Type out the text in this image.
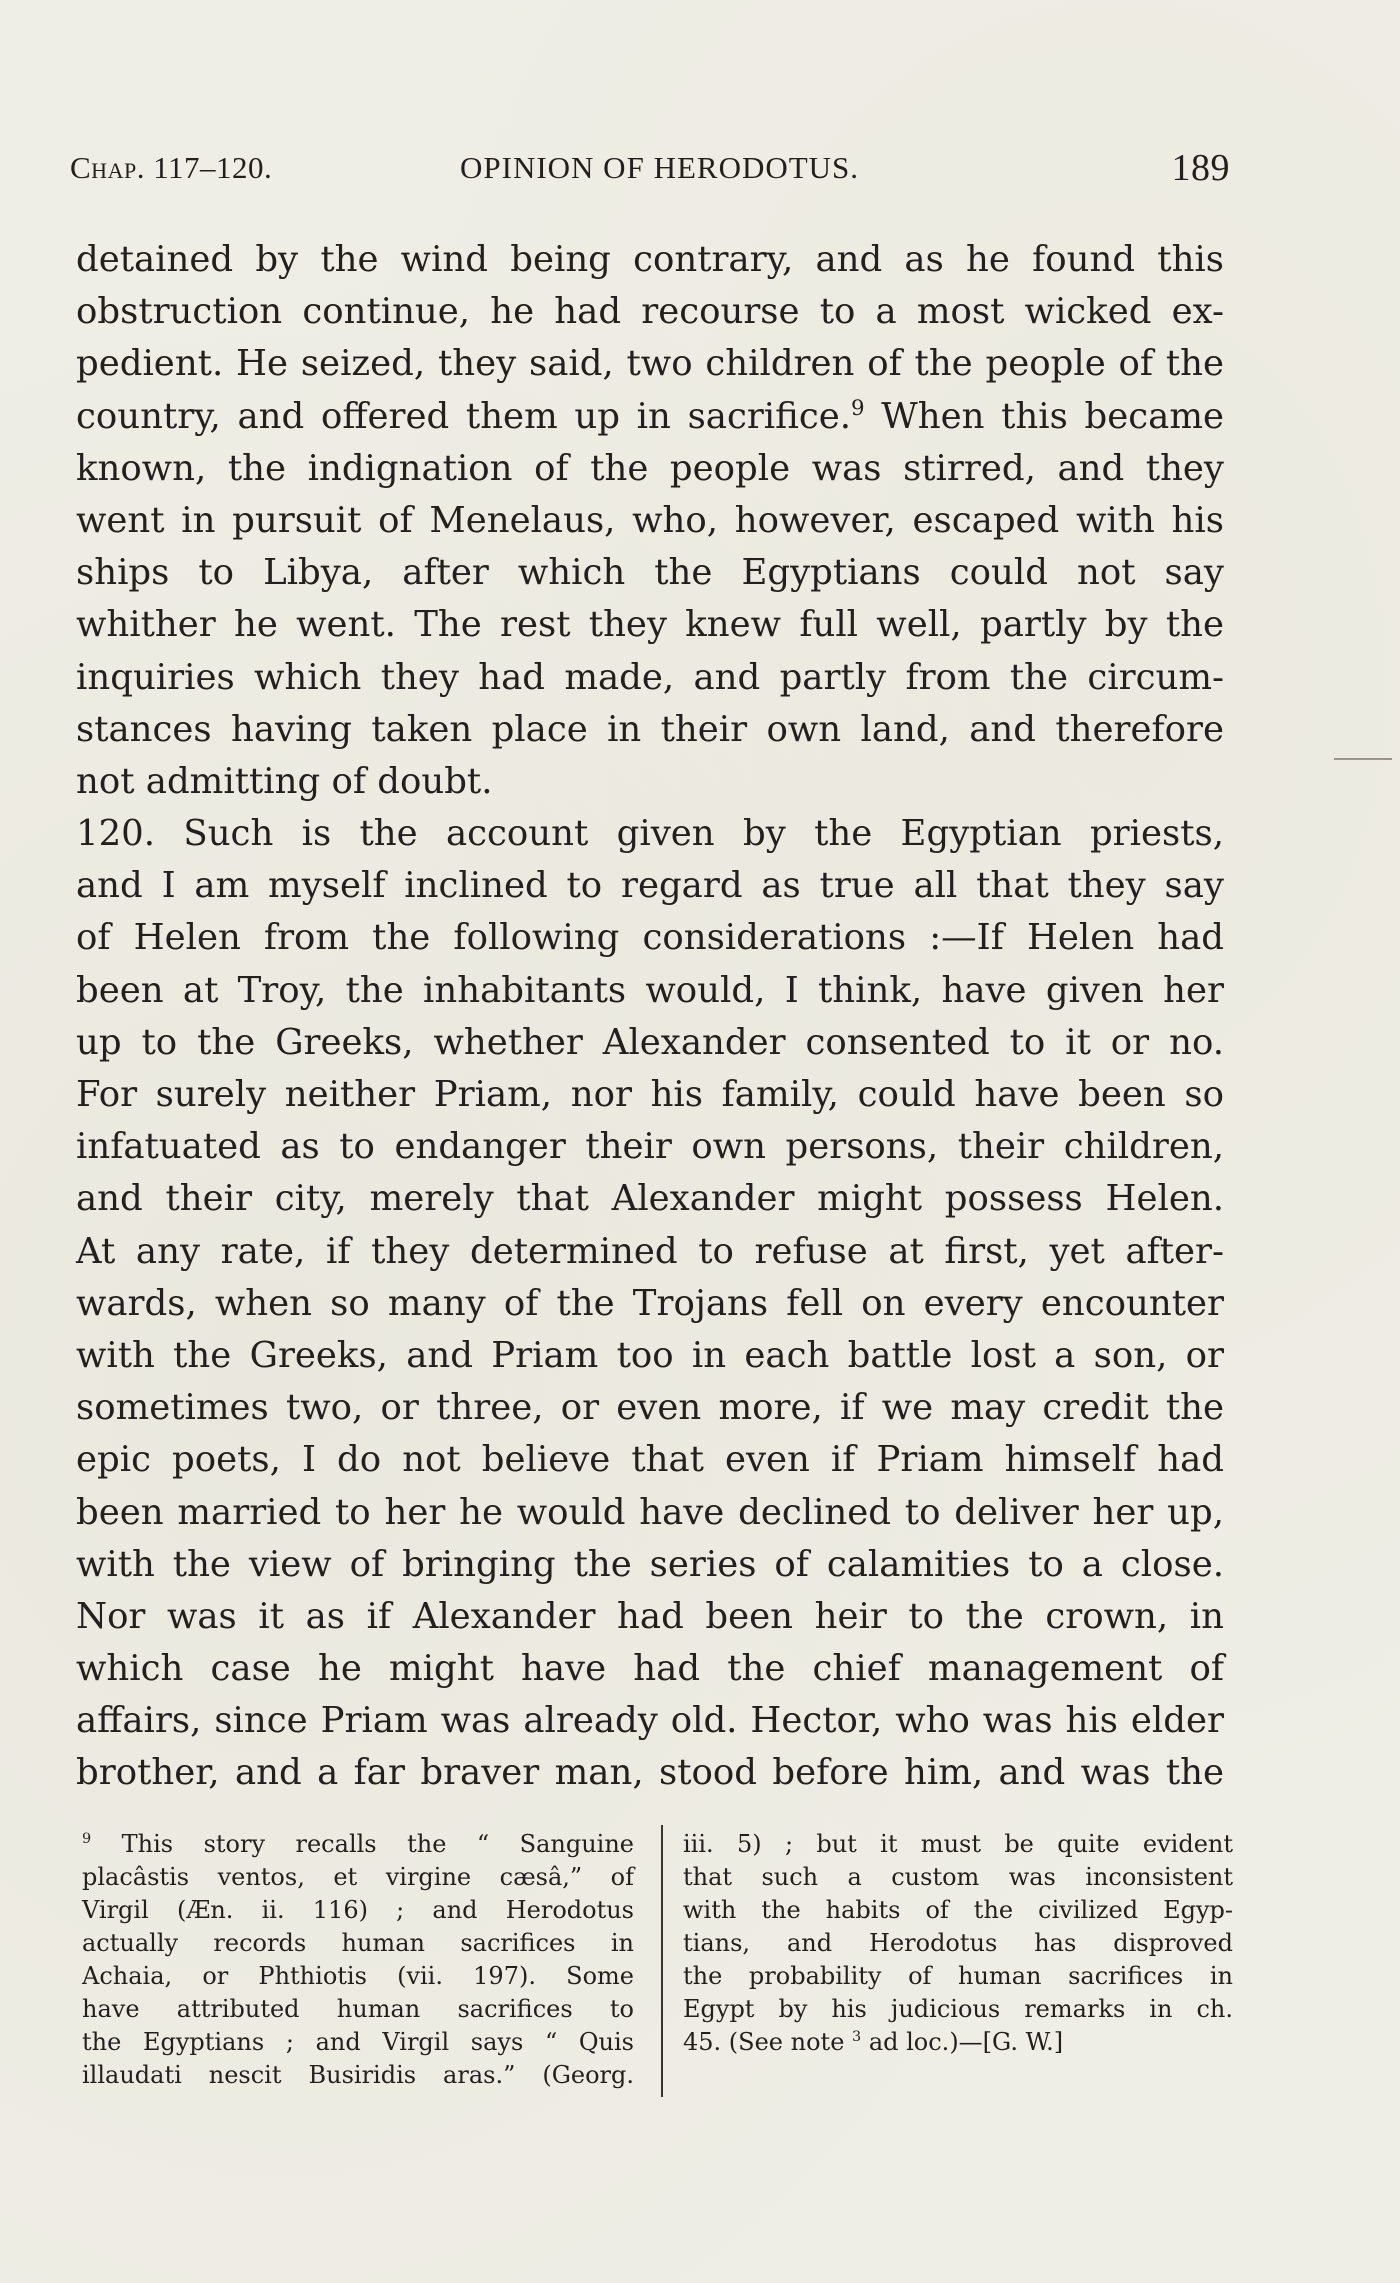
Chap. 117–120.	OPINION OF HERODOTUS.	189
detained by the wind being contrary, and as he found this
obstruction continue, he had recourse to a most wicked ex-
pedient. He seized, they said, two children of the people of the
country, and offered them up in sacrifice.$^9$ When this became
known, the indignation of the people was stirred, and they
went in pursuit of Menelaus, who, however, escaped with his
ships to Libya, after which the Egyptians could not say
whither he went. The rest they knew full well, partly by the
inquiries which they had made, and partly from the circum-
stances having taken place in their own land, and therefore
not admitting of doubt.
120. Such is the account given by the Egyptian priests,
and I am myself inclined to regard as true all that they say
of Helen from the following considerations :—If Helen had
been at Troy, the inhabitants would, I think, have given her
up to the Greeks, whether Alexander consented to it or no.
For surely neither Priam, nor his family, could have been so
infatuated as to endanger their own persons, their children,
and their city, merely that Alexander might possess Helen.
At any rate, if they determined to refuse at first, yet after-
wards, when so many of the Trojans fell on every encounter
with the Greeks, and Priam too in each battle lost a son, or
sometimes two, or three, or even more, if we may credit the
epic poets, I do not believe that even if Priam himself had
been married to her he would have declined to deliver her up,
with the view of bringing the series of calamities to a close.
Nor was it as if Alexander had been heir to the crown, in
which case he might have had the chief management of
affairs, since Priam was already old. Hector, who was his elder
brother, and a far braver man, stood before him, and was the
$^9$ This story recalls the “ Sanguine
placâstis ventos, et virgine cæsâ,” of
Virgil (Æn. ii. 116) ; and Herodotus
actually records human sacrifices in
Achaia, or Phthiotis (vii. 197). Some
have attributed human sacrifices to
the Egyptians ; and Virgil says “ Quis
illaudati nescit Busiridis aras.” (Georg.
iii. 5) ; but it must be quite evident
that such a custom was inconsistent
with the habits of the civilized Egyp-
tians, and Herodotus has disproved
the probability of human sacrifices in
Egypt by his judicious remarks in ch.
45. (See note $^3$ ad loc.)—[G. W.]
